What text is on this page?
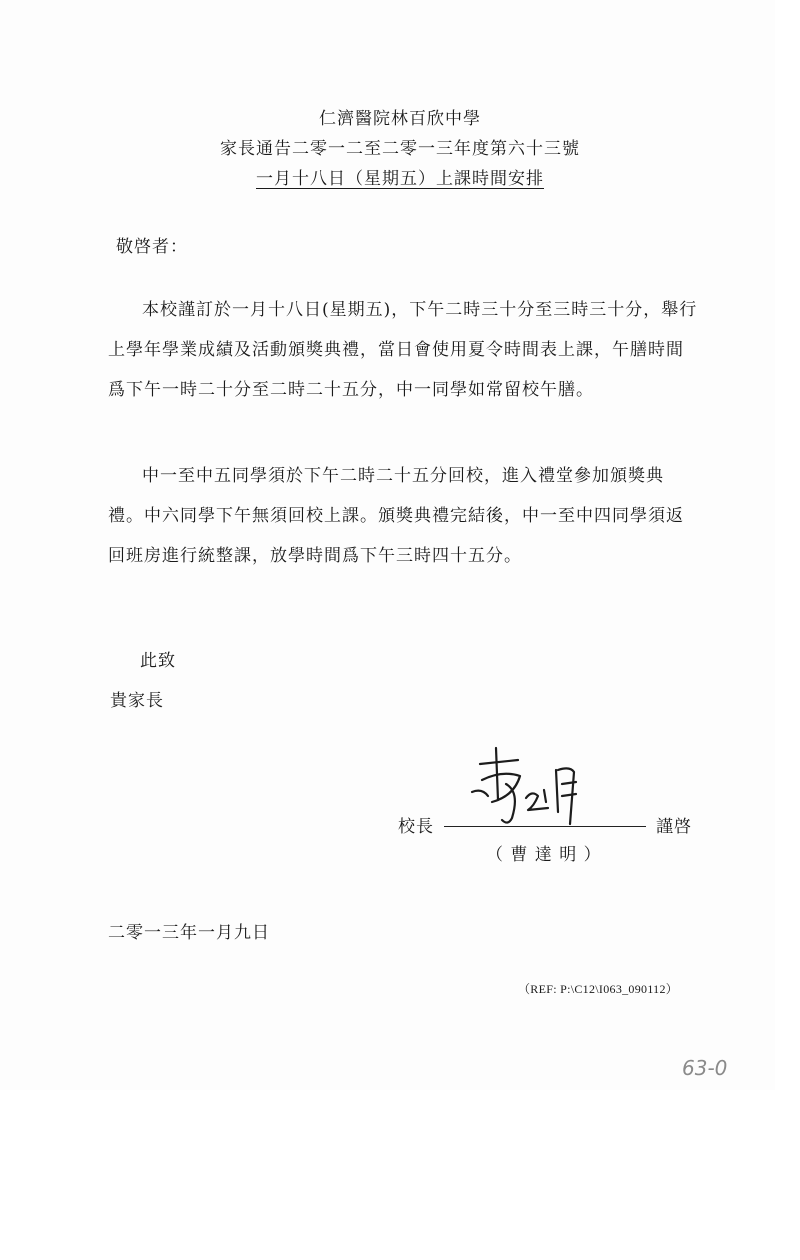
仁濟醫院林百欣中學
家長通告二零一二至二零一三年度第六十三號
一月十八日（星期五）上課時間安排
敬啓者：
本校謹訂於一月十八日(星期五)，下午二時三十分至三時三十分，舉行上學年學業成績及活動頒獎典禮，當日會使用夏令時間表上課，午膳時間爲下午一時二十分至二時二十五分，中一同學如常留校午膳。
中一至中五同學須於下午二時二十五分回校，進入禮堂參加頒獎典禮。中六同學下午無須回校上課。頒獎典禮完結後，中一至中四同學須返回班房進行統整課，放學時間爲下午三時四十五分。
此致
貴家長
校長	謹啓
（ 曹 達 明 ）
二零一三年一月九日
（REF: P:\C12\I063_090112）
63-0
